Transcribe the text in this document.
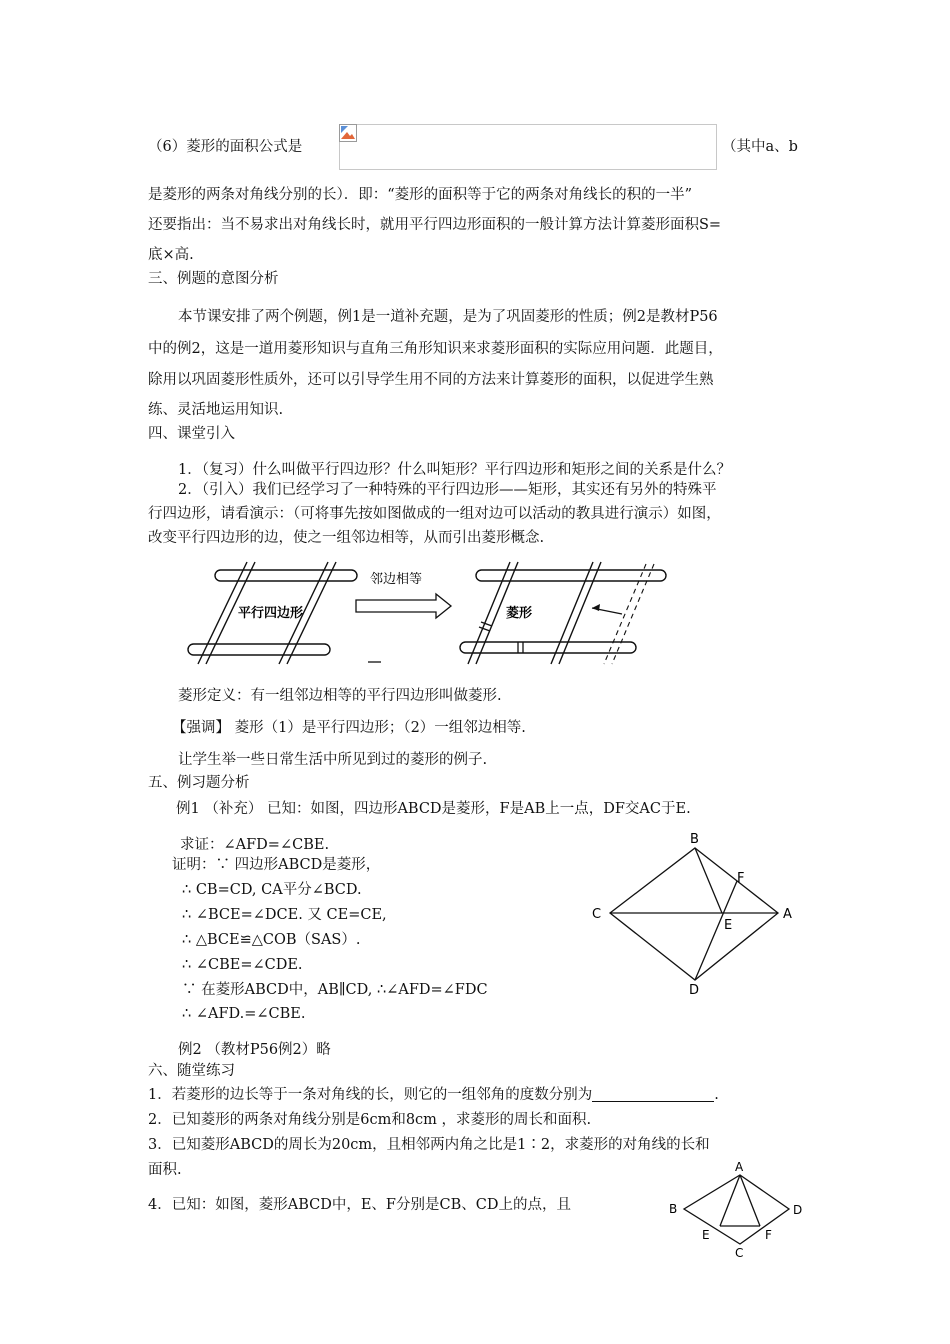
（6）菱形的面积公式是	（其中a、b
是菱形的两条对角线分别的长）．即：“菱形的面积等于它的两条对角线长的积的一半”
还要指出：当不易求出对角线长时，就用平行四边形面积的一般计算方法计算菱形面积S=
底×高.
三、例题的意图分析
本节课安排了两个例题，例1是一道补充题，是为了巩固菱形的性质；例2是教材P56
中的例2，这是一道用菱形知识与直角三角形知识来求菱形面积的实际应用问题．此题目，
除用以巩固菱形性质外，还可以引导学生用不同的方法来计算菱形的面积，以促进学生熟
练、灵活地运用知识.
四、课堂引入
1．（复习）什么叫做平行四边形？什么叫矩形？平行四边形和矩形之间的关系是什么？
2．（引入）我们已经学习了一种特殊的平行四边形——矩形，其实还有另外的特殊平
行四边形，请看演示：（可将事先按如图做成的一组对边可以活动的教具进行演示）如图，
改变平行四边形的边，使之一组邻边相等，从而引出菱形概念.
平行四边形
邻边相等
菱形
菱形定义：有一组邻边相等的平行四边形叫做菱形.
【强调】 菱形（1）是平行四边形；（2）一组邻边相等.
让学生举一些日常生活中所见到过的菱形的例子.
五、例习题分析
例1 （补充） 已知：如图，四边形ABCD是菱形，F是AB上一点，DF交AC于E.
求证：∠AFD=∠CBE.
证明：∵ 四边形ABCD是菱形，
∴ CB=CD, CA平分∠BCD.
∴ ∠BCE=∠DCE. 又 CE=CE,
∴ △BCE≌△COB（SAS）.
∴ ∠CBE=∠CDE.
∵ 在菱形ABCD中，AB∥CD, ∴∠AFD=∠FDC
∴ ∠AFD.=∠CBE.
例2 （教材P56例2）略
B
F
C
E
A
D
六、随堂练习
1．若菱形的边长等于一条对角线的长，则它的一组邻角的度数分别为	.
2．已知菱形的两条对角线分别是6cm和8cm ，求菱形的周长和面积.
3．已知菱形ABCD的周长为20cm，且相邻两内角之比是1∶2，求菱形的对角线的长和
面积.
4．已知：如图，菱形ABCD中，E、F分别是CB、CD上的点，且
A
B	D
E	F
C
